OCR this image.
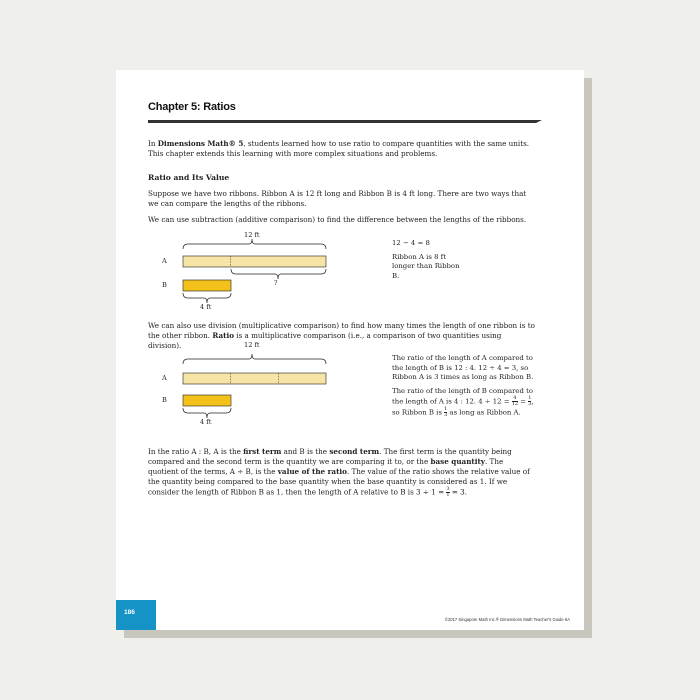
Chapter 5: Ratios

In Dimensions Math® 5, students learned how to use ratio to compare quantities with the same units. This chapter extends this learning with more complex situations and problems.

Ratio and Its Value
Suppose we have two ribbons. Ribbon A is 12 ft long and Ribbon B is 4 ft long. There are two ways that we can compare the lengths of the ribbons.
We can use subtraction (additive comparison) to find the difference between the lengths of the ribbons.
12 ft
A
?
B
4 ft

12 − 4 = 8

Ribbon A is 8 ft longer than Ribbon B.

We can also use division (multiplicative comparison) to find how many times the length of one ribbon is to the other ribbon. Ratio is a multiplicative comparison (i.e., a comparison of two quantities using division).	12 ft
A
B
4 ft

The ratio of the length of A compared to the length of B is 12 : 4. 12 ÷ 4 = 3, so Ribbon A is 3 times as long as Ribbon B.

The ratio of the length of B compared to the length of A is 4 : 12. $4 \div 12 = \frac{4}{12} = \frac{1}{3}$ , so Ribbon B is $\frac{1}{3}$ as long as Ribbon A.

In the ratio A : B, A is the first term and B is the second term. The first term is the quantity being compared and the second term is the quantity we are comparing it to, or the base quantity. The quotient of the terms, A ÷ B, is the value of the ratio. The value of the ratio shows the relative value of the quantity being compared to the base quantity when the base quantity is considered as 1. If we consider the length of Ribbon B as 1, then the length of A relative to B is $3 \div 1 = \frac{3}{1} = 3$.

186
©2017 Singapore Math Inc.® Dimensions Math Teacher's Guide 6A
